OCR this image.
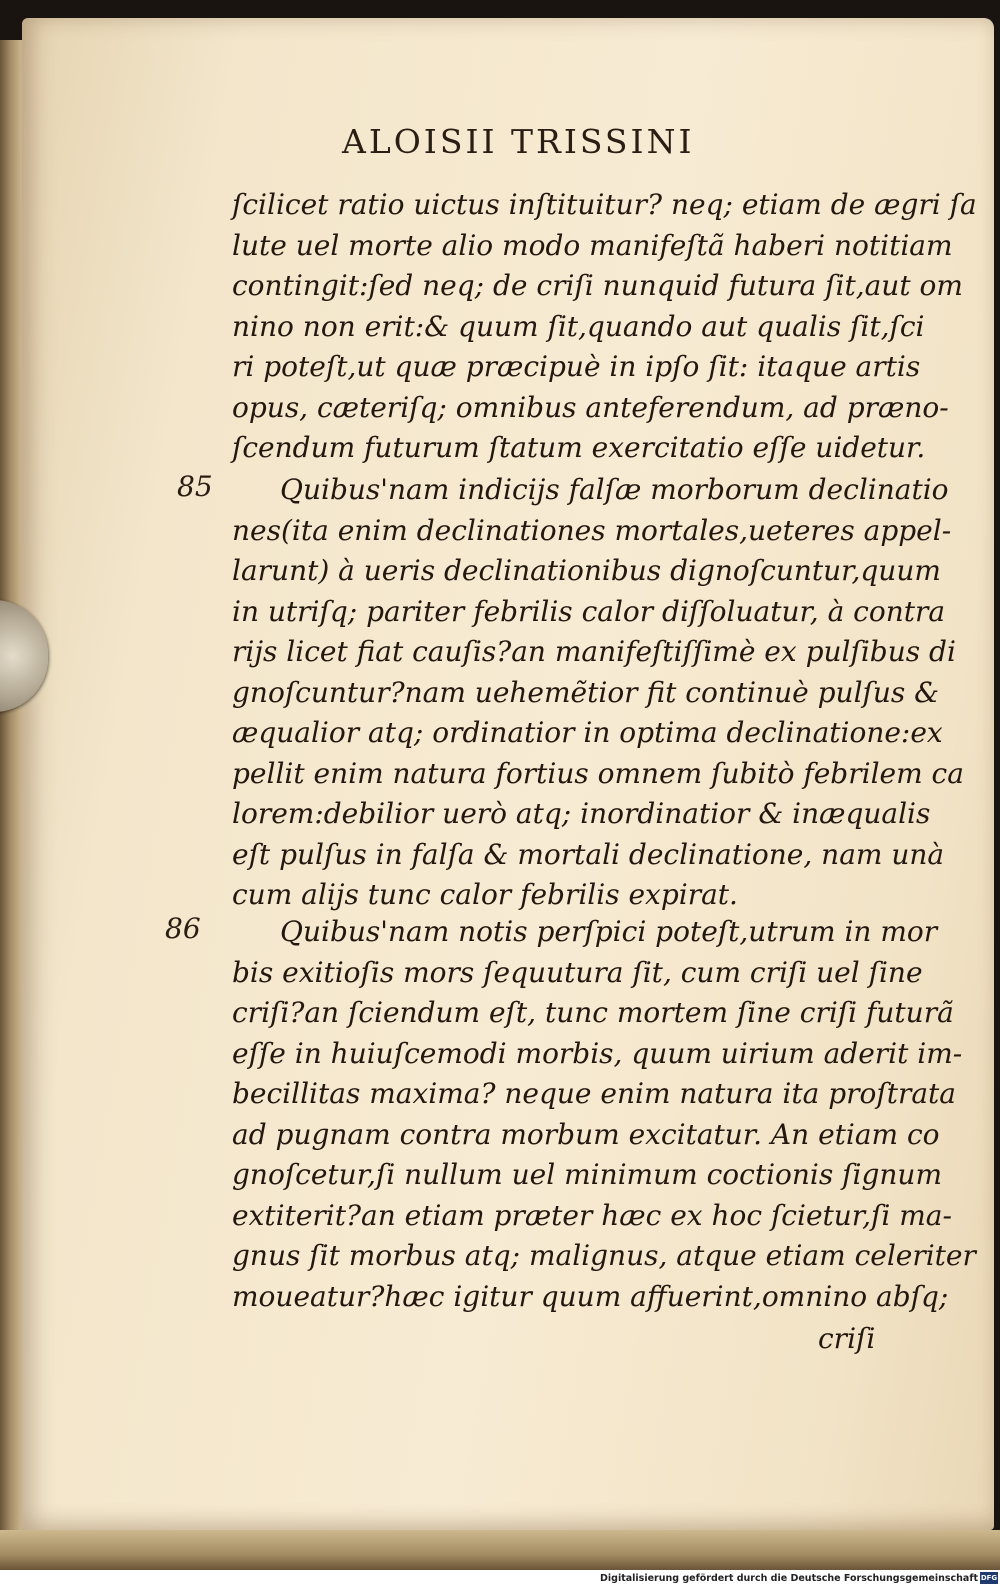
ALOISII TRISSINI
ſcilicet ratio uictus inſtituitur? neq; etiam de ægri ſa
lute uel morte alio modo manifeſtã haberi notitiam
contingit:ſed neq; de criſi nunquid futura ſit,aut om
nino non erit:& quum ſit,quando aut qualis ſit,ſci
ri poteſt,ut quæ præcipuè in ipſo ſit: itaque artis
opus, cæteriſq; omnibus anteferendum, ad præno-
ſcendum futurum ſtatum exercitatio eſſe uidetur.
85	Quibus'nam indicijs falſæ morborum declinatio
nes(ita enim declinationes mortales,ueteres appel-
larunt) à ueris declinationibus dignoſcuntur,quum
in utriſq; pariter febrilis calor diſſoluatur, à contra
rijs licet fiat cauſis?an manifeſtiſſimè ex pulſibus di
gnoſcuntur?nam uehemẽtior fit continuè pulſus &
æqualior atq; ordinatior in optima declinatione:ex
pellit enim natura fortius omnem ſubitò febrilem ca
lorem:debilior uerò atq; inordinatior & inæqualis
eſt pulſus in falſa & mortali declinatione, nam unà
cum alijs tunc calor febrilis expirat.
86	Quibus'nam notis perſpici poteſt,utrum in mor
bis exitioſis mors ſequutura ſit, cum criſi uel ſine
criſi?an ſciendum eſt, tunc mortem ſine criſi futurã
eſſe in huiuſcemodi morbis, quum uirium aderit im-
becillitas maxima? neque enim natura ita proſtrata
ad pugnam contra morbum excitatur. An etiam co
gnoſcetur,ſi nullum uel minimum coctionis ſignum
extiterit?an etiam præter hæc ex hoc ſcietur,ſi ma-
gnus ſit morbus atq; malignus, atque etiam celeriter
moueatur?hæc igitur quum affuerint,omnino abſq;
criſi
Digitalisierung gefördert durch die Deutsche Forschungsgemeinschaft DFG
